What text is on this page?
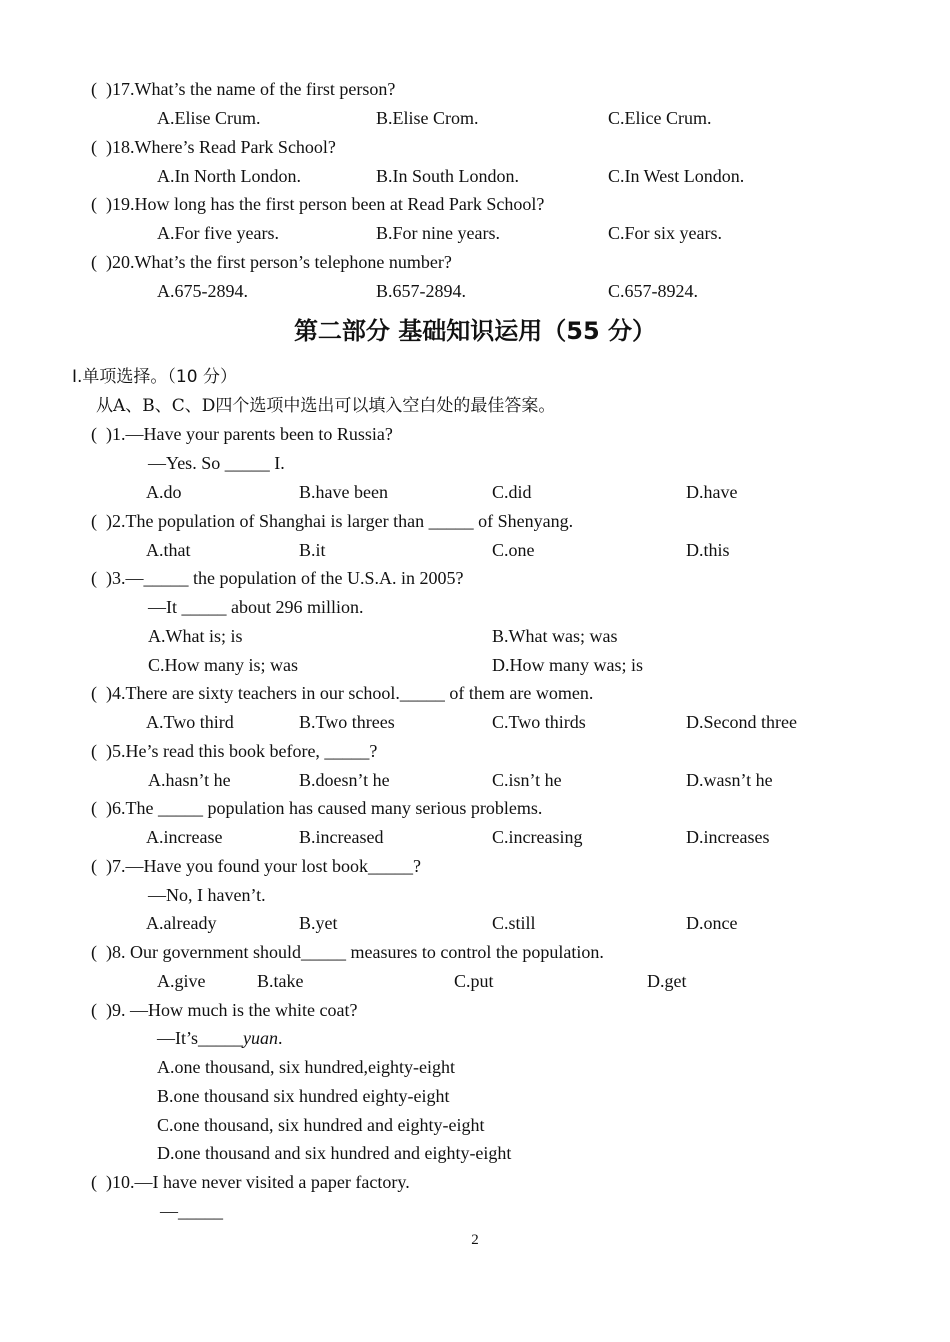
(  )17.What’s the name of the first person?
A.Elise Crum.	B.Elise Crom.	C.Elice Crum.
(  )18.Where’s Read Park School?
A.In North London.	B.In South London.	C.In West London.
(  )19.How long has the first person been at Read Park School?
A.For five years.	B.For nine years.	C.For six years.
(  )20.What’s the first person’s telephone number?
A.675-2894.	B.657-2894.	C.657-8924.
第二部分 基础知识运用（55 分）
Ⅰ.单项选择。（10 分）
从A、B、C、D四个选项中选出可以填入空白处的最佳答案。
(  )1.—Have your parents been to Russia?
—Yes. So _____ I.
A.do	B.have been	C.did	D.have
(  )2.The population of Shanghai is larger than _____ of Shenyang.
A.that	B.it	C.one	D.this
(  )3.—_____ the population of the U.S.A. in 2005?
—It _____ about 296 million.
A.What is; is	B.What was; was
C.How many is; was	D.How many was; is
(  )4.There are sixty teachers in our school._____ of them are women.
A.Two third	B.Two threes	C.Two thirds	D.Second three
(  )5.He’s read this book before, _____?
A.hasn’t he	B.doesn’t he	C.isn’t he	D.wasn’t he
(  )6.The _____ population has caused many serious problems.
A.increase	B.increased	C.increasing	D.increases
(  )7.—Have you found your lost book_____?
—No, I haven’t.
A.already	B.yet	C.still	D.once
(  )8. Our government should_____ measures to control the population.
A.give	B.take	C.put	D.get
(  )9. —How much is the white coat?
—It’s_____yuan.
A.one thousand, six hundred,eighty-eight
B.one thousand six hundred eighty-eight
C.one thousand, six hundred and eighty-eight
D.one thousand and six hundred and eighty-eight
(  )10.—I have never visited a paper factory.
—_____
2
